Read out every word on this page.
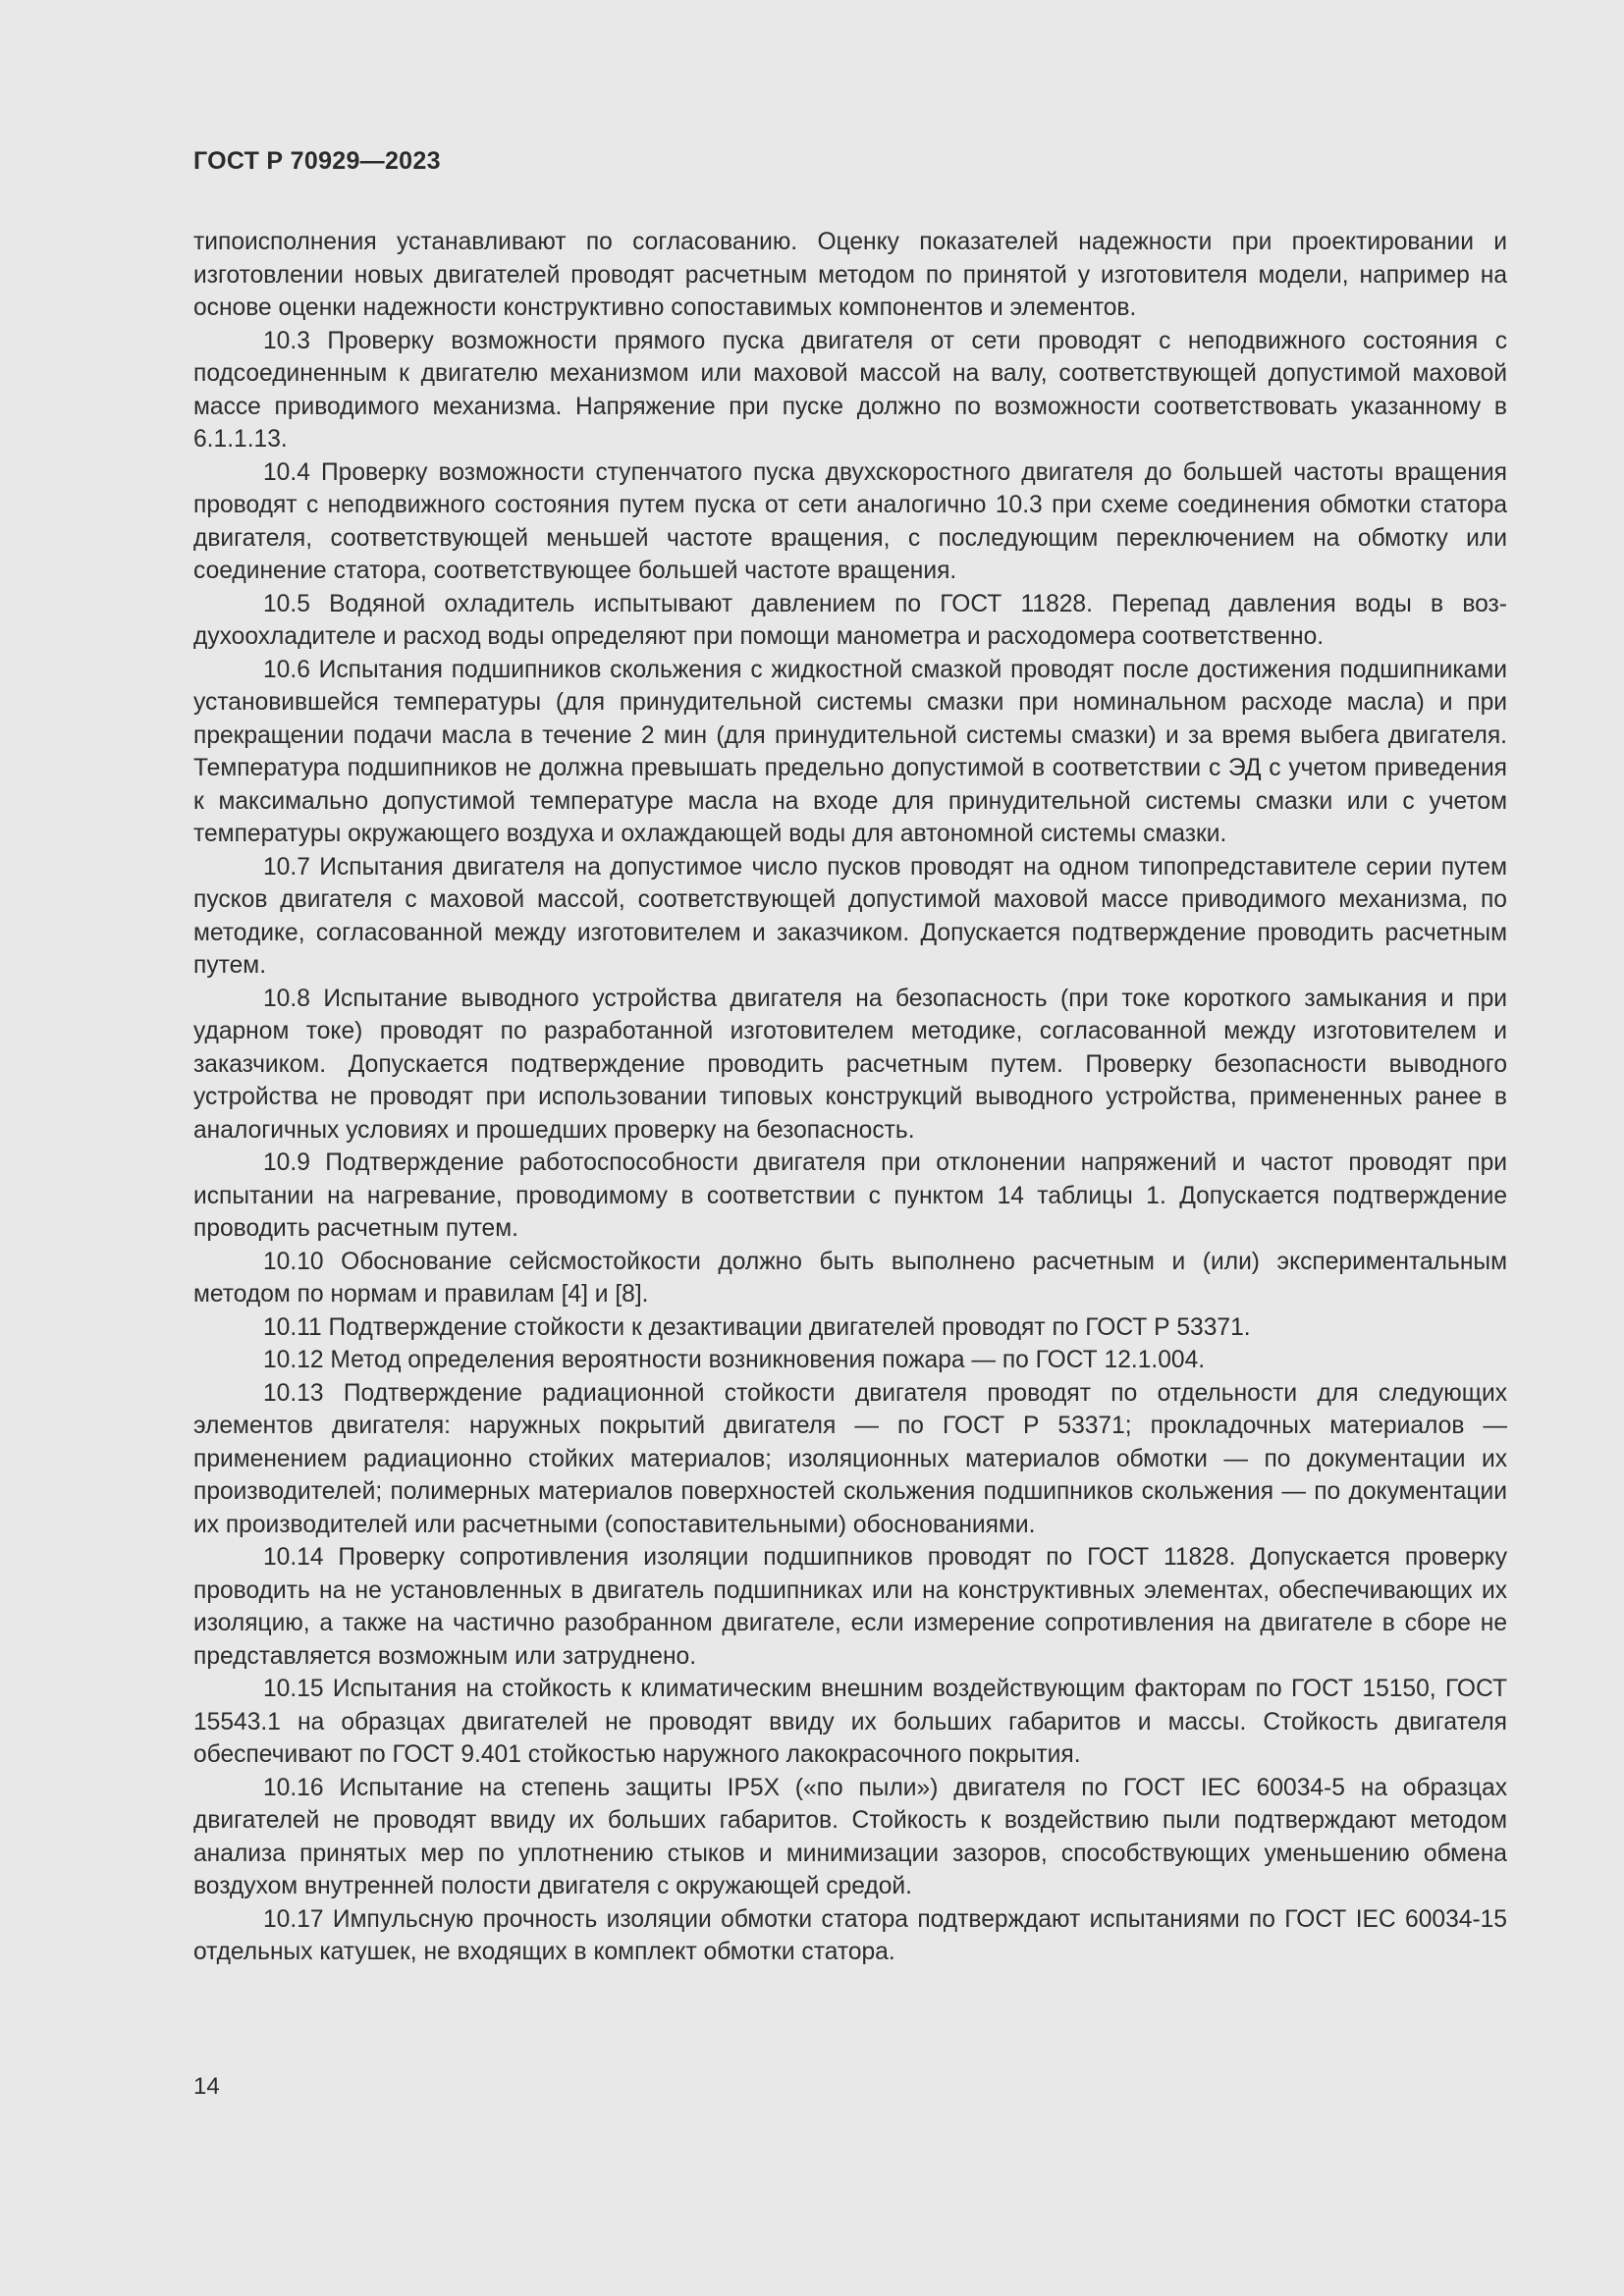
ГОСТ Р 70929—2023

типоисполнения устанавливают по согласованию. Оценку показателей надежности при проектировании и изготовлении новых двигателей проводят расчетным методом по принятой у изготовителя модели, например на основе оценки надежности конструктивно сопоставимых компонентов и элементов.

10.3 Проверку возможности прямого пуска двигателя от сети проводят с неподвижного состояния с подсоединенным к двигателю механизмом или маховой массой на валу, соответствующей допустимой маховой массе приводимого механизма. Напряжение при пуске должно по возможности соответствовать указанному в 6.1.1.13.

10.4 Проверку возможности ступенчатого пуска двухскоростного двигателя до большей частоты вращения проводят с неподвижного состояния путем пуска от сети аналогично 10.3 при схеме соединения обмотки статора двигателя, соответствующей меньшей частоте вращения, с последующим переключением на обмотку или соединение статора, соответствующее большей частоте вращения.

10.5 Водяной охладитель испытывают давлением по ГОСТ 11828. Перепад давления воды в воздухоохладителе и расход воды определяют при помощи манометра и расходомера соответственно.

10.6 Испытания подшипников скольжения с жидкостной смазкой проводят после достижения подшипниками установившейся температуры (для принудительной системы смазки при номинальном расходе масла) и при прекращении подачи масла в течение 2 мин (для принудительной системы смазки) и за время выбега двигателя. Температура подшипников не должна превышать предельно допустимой в соответствии с ЭД с учетом приведения к максимально допустимой температуре масла на входе для принудительной системы смазки или с учетом температуры окружающего воздуха и охлаждающей воды для автономной системы смазки.

10.7 Испытания двигателя на допустимое число пусков проводят на одном типопредставителе серии путем пусков двигателя с маховой массой, соответствующей допустимой маховой массе приводимого механизма, по методике, согласованной между изготовителем и заказчиком. Допускается подтверждение проводить расчетным путем.

10.8 Испытание выводного устройства двигателя на безопасность (при токе короткого замыкания и при ударном токе) проводят по разработанной изготовителем методике, согласованной между изготовителем и заказчиком. Допускается подтверждение проводить расчетным путем. Проверку безопасности выводного устройства не проводят при использовании типовых конструкций выводного устройства, примененных ранее в аналогичных условиях и прошедших проверку на безопасность.

10.9 Подтверждение работоспособности двигателя при отклонении напряжений и частот проводят при испытании на нагревание, проводимому в соответствии с пунктом 14 таблицы 1. Допускается подтверждение проводить расчетным путем.

10.10 Обоснование сейсмостойкости должно быть выполнено расчетным и (или) экспериментальным методом по нормам и правилам [4] и [8].

10.11 Подтверждение стойкости к дезактивации двигателей проводят по ГОСТ Р 53371.

10.12 Метод определения вероятности возникновения пожара — по ГОСТ 12.1.004.

10.13 Подтверждение радиационной стойкости двигателя проводят по отдельности для следующих элементов двигателя: наружных покрытий двигателя — по ГОСТ Р 53371; прокладочных материалов — применением радиационно стойких материалов; изоляционных материалов обмотки — по документации их производителей; полимерных материалов поверхностей скольжения подшипников скольжения — по документации их производителей или расчетными (сопоставительными) обоснованиями.

10.14 Проверку сопротивления изоляции подшипников проводят по ГОСТ 11828. Допускается проверку проводить на не установленных в двигатель подшипниках или на конструктивных элементах, обеспечивающих их изоляцию, а также на частично разобранном двигателе, если измерение сопротивления на двигателе в сборе не представляется возможным или затруднено.

10.15 Испытания на стойкость к климатическим внешним воздействующим факторам по ГОСТ 15150, ГОСТ 15543.1 на образцах двигателей не проводят ввиду их больших габаритов и массы. Стойкость двигателя обеспечивают по ГОСТ 9.401 стойкостью наружного лакокрасочного покрытия.

10.16 Испытание на степень защиты IP5X («по пыли») двигателя по ГОСТ IEC 60034-5 на образцах двигателей не проводят ввиду их больших габаритов. Стойкость к воздействию пыли подтверждают методом анализа принятых мер по уплотнению стыков и минимизации зазоров, способствующих уменьшению обмена воздухом внутренней полости двигателя с окружающей средой.

10.17 Импульсную прочность изоляции обмотки статора подтверждают испытаниями по ГОСТ IEC 60034-15 отдельных катушек, не входящих в комплект обмотки статора.

14
